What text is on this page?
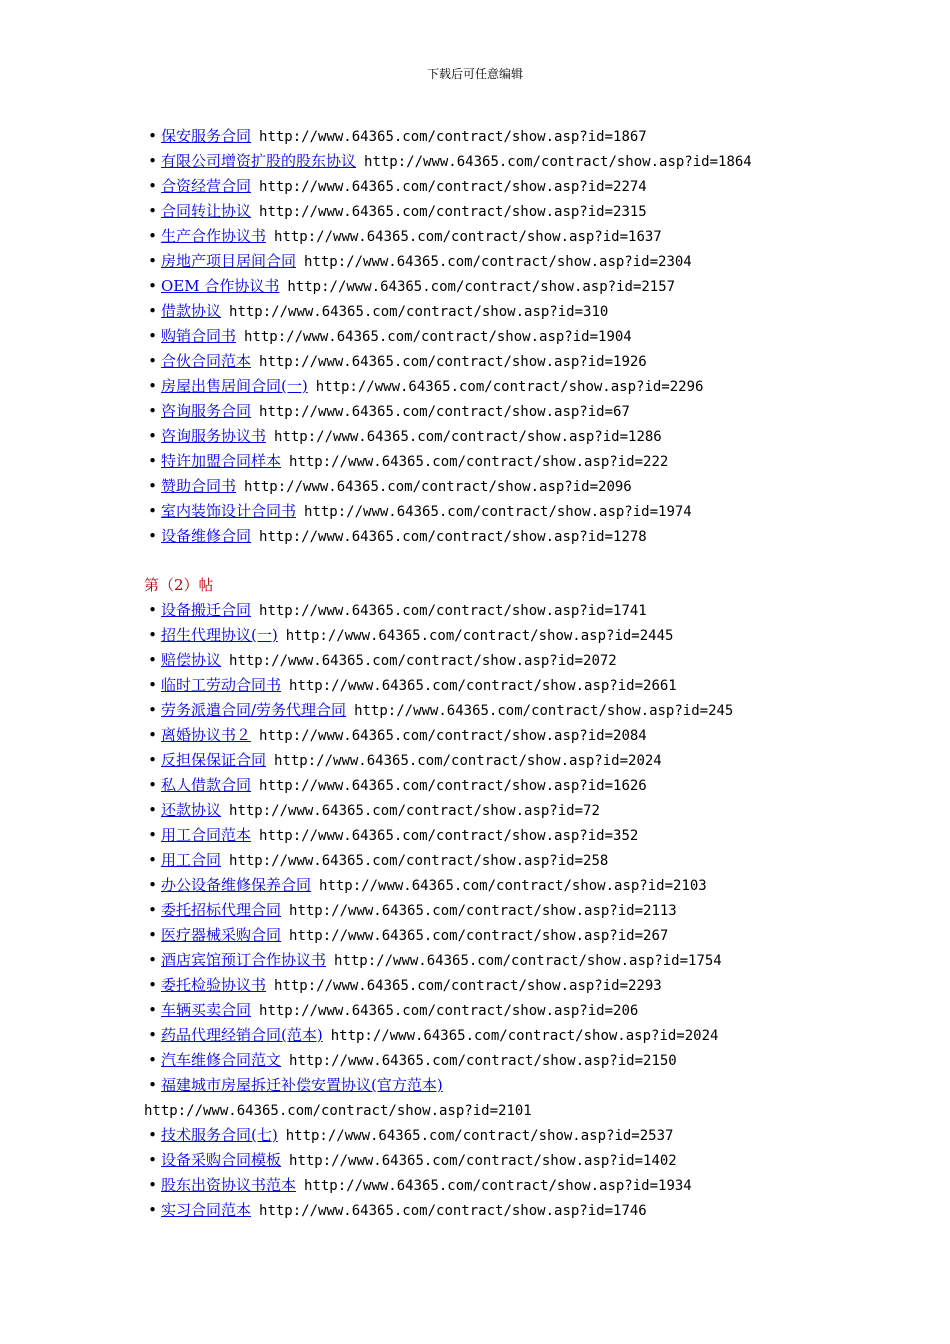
下载后可任意编辑
• 保安服务合同 http://www.64365.com/contract/show.asp?id=1867
• 有限公司增资扩股的股东协议 http://www.64365.com/contract/show.asp?id=1864
• 合资经营合同 http://www.64365.com/contract/show.asp?id=2274
• 合同转让协议 http://www.64365.com/contract/show.asp?id=2315
• 生产合作协议书 http://www.64365.com/contract/show.asp?id=1637
• 房地产项目居间合同 http://www.64365.com/contract/show.asp?id=2304
• OEM 合作协议书 http://www.64365.com/contract/show.asp?id=2157
• 借款协议 http://www.64365.com/contract/show.asp?id=310
• 购销合同书 http://www.64365.com/contract/show.asp?id=1904
• 合伙合同范本 http://www.64365.com/contract/show.asp?id=1926
• 房屋出售居间合同(一) http://www.64365.com/contract/show.asp?id=2296
• 咨询服务合同 http://www.64365.com/contract/show.asp?id=67
• 咨询服务协议书 http://www.64365.com/contract/show.asp?id=1286
• 特许加盟合同样本 http://www.64365.com/contract/show.asp?id=222
• 赞助合同书 http://www.64365.com/contract/show.asp?id=2096
• 室内装饰设计合同书 http://www.64365.com/contract/show.asp?id=1974
• 设备维修合同 http://www.64365.com/contract/show.asp?id=1278
第（2）帖
• 设备搬迁合同 http://www.64365.com/contract/show.asp?id=1741
• 招生代理协议(一) http://www.64365.com/contract/show.asp?id=2445
• 赔偿协议 http://www.64365.com/contract/show.asp?id=2072
• 临时工劳动合同书 http://www.64365.com/contract/show.asp?id=2661
• 劳务派遣合同/劳务代理合同 http://www.64365.com/contract/show.asp?id=245
• 离婚协议书２ http://www.64365.com/contract/show.asp?id=2084
• 反担保保证合同 http://www.64365.com/contract/show.asp?id=2024
• 私人借款合同 http://www.64365.com/contract/show.asp?id=1626
• 还款协议 http://www.64365.com/contract/show.asp?id=72
• 用工合同范本 http://www.64365.com/contract/show.asp?id=352
• 用工合同 http://www.64365.com/contract/show.asp?id=258
• 办公设备维修保养合同 http://www.64365.com/contract/show.asp?id=2103
• 委托招标代理合同 http://www.64365.com/contract/show.asp?id=2113
• 医疗器械采购合同 http://www.64365.com/contract/show.asp?id=267
• 酒店宾馆预订合作协议书 http://www.64365.com/contract/show.asp?id=1754
• 委托检验协议书 http://www.64365.com/contract/show.asp?id=2293
• 车辆买卖合同 http://www.64365.com/contract/show.asp?id=206
• 药品代理经销合同(范本) http://www.64365.com/contract/show.asp?id=2024
• 汽车维修合同范文 http://www.64365.com/contract/show.asp?id=2150
• 福建城市房屋拆迁补偿安置协议(官方范本)
http://www.64365.com/contract/show.asp?id=2101
• 技术服务合同(七) http://www.64365.com/contract/show.asp?id=2537
• 设备采购合同模板 http://www.64365.com/contract/show.asp?id=1402
• 股东出资协议书范本 http://www.64365.com/contract/show.asp?id=1934
• 实习合同范本 http://www.64365.com/contract/show.asp?id=1746
